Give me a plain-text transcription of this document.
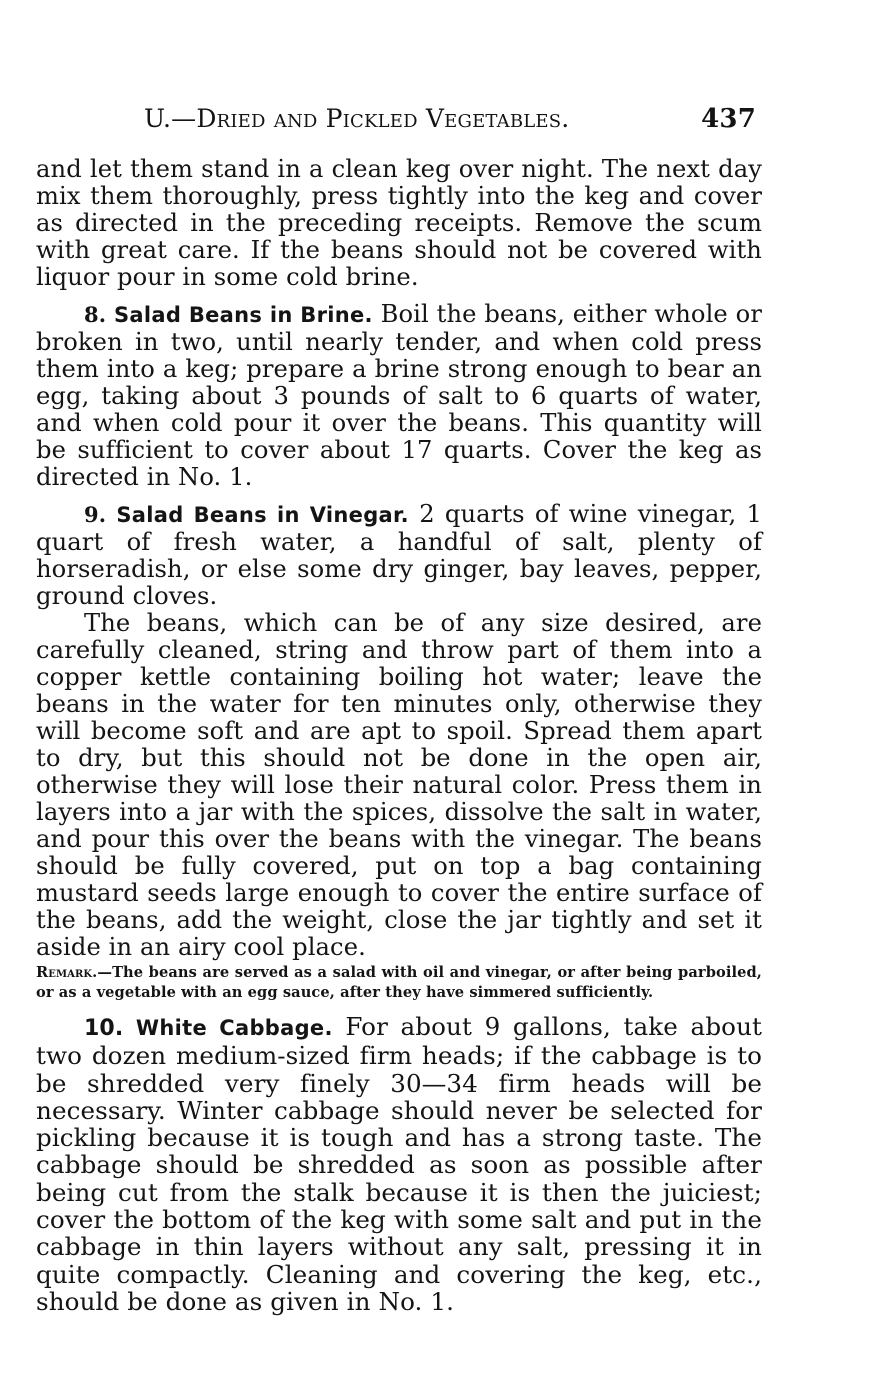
U.—Dried and Pickled Vegetables.	437

and let them stand in a clean keg over night. The next day mix them thoroughly, press tightly into the keg and cover as directed in the preceding receipts. Remove the scum with great care. If the beans should not be covered with liquor pour in some cold brine.

8. Salad Beans in Brine. Boil the beans, either whole or broken in two, until nearly tender, and when cold press them into a keg; prepare a brine strong enough to bear an egg, taking about 3 pounds of salt to 6 quarts of water, and when cold pour it over the beans. This quantity will be sufficient to cover about 17 quarts. Cover the keg as directed in No. 1.

9. Salad Beans in Vinegar. 2 quarts of wine vinegar, 1 quart of fresh water, a handful of salt, plenty of horseradish, or else some dry ginger, bay leaves, pepper, ground cloves.

The beans, which can be of any size desired, are carefully cleaned, string and throw part of them into a copper kettle containing boiling hot water; leave the beans in the water for ten minutes only, otherwise they will become soft and are apt to spoil. Spread them apart to dry, but this should not be done in the open air, otherwise they will lose their natural color. Press them in layers into a jar with the spices, dissolve the salt in water, and pour this over the beans with the vinegar. The beans should be fully covered, put on top a bag containing mustard seeds large enough to cover the entire surface of the beans, add the weight, close the jar tightly and set it aside in an airy cool place.

Remark.—The beans are served as a salad with oil and vinegar, or after being parboiled, or as a vegetable with an egg sauce, after they have simmered sufficiently.

10. White Cabbage. For about 9 gallons, take about two dozen medium-sized firm heads; if the cabbage is to be shredded very finely 30—34 firm heads will be necessary. Winter cabbage should never be selected for pickling because it is tough and has a strong taste. The cabbage should be shredded as soon as possible after being cut from the stalk because it is then the juiciest; cover the bottom of the keg with some salt and put in the cabbage in thin layers without any salt, pressing it in quite compactly. Cleaning and covering the keg, etc., should be done as given in No. 1.
